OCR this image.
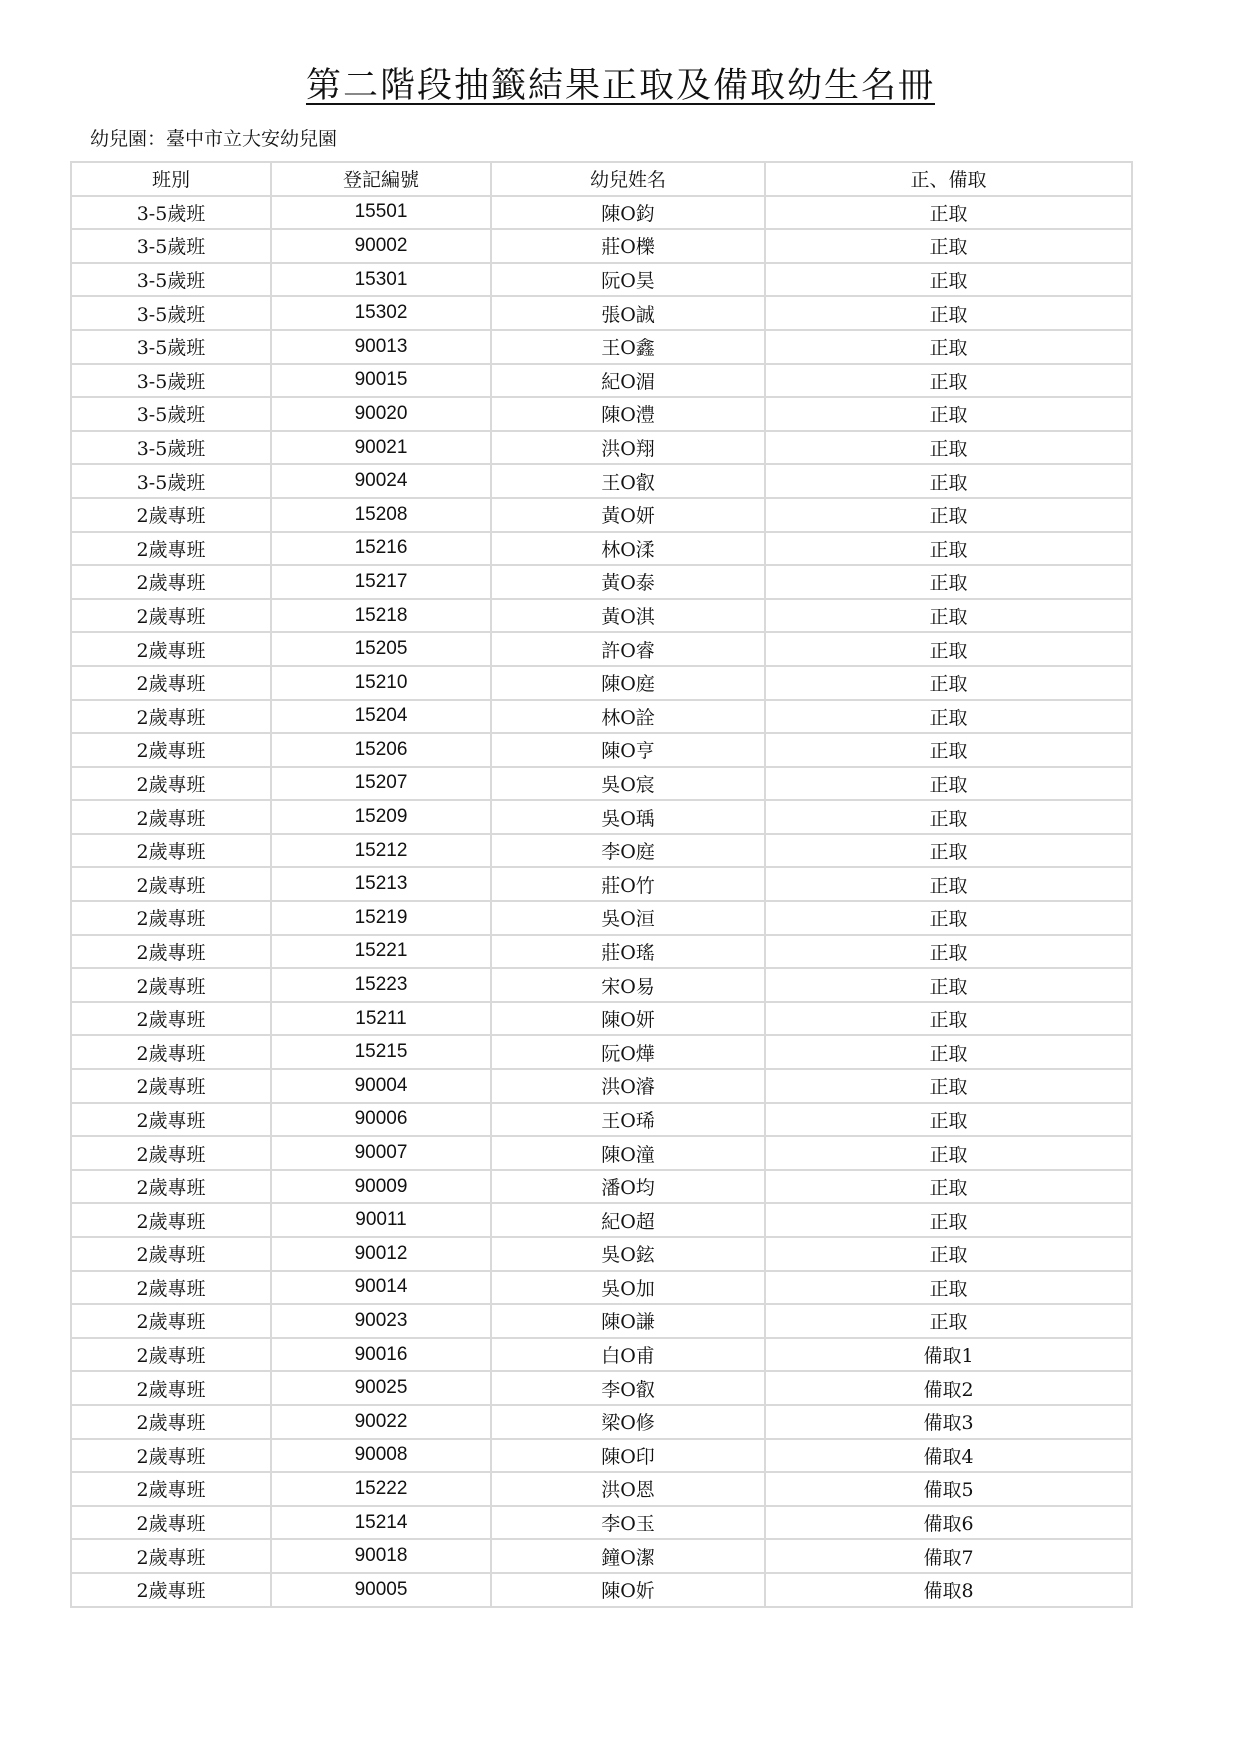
第二階段抽籤結果正取及備取幼生名冊
幼兒園：臺中市立大安幼兒園
班別	登記編號	幼兒姓名	正、備取
3-5歲班	15501	陳O鈞	正取
3-5歲班	90002	莊O櫟	正取
3-5歲班	15301	阮O昊	正取
3-5歲班	15302	張O誠	正取
3-5歲班	90013	王O鑫	正取
3-5歲班	90015	紀O湄	正取
3-5歲班	90020	陳O澧	正取
3-5歲班	90021	洪O翔	正取
3-5歲班	90024	王O叡	正取
2歲專班	15208	黃O妍	正取
2歲專班	15216	林O渘	正取
2歲專班	15217	黃O泰	正取
2歲專班	15218	黃O淇	正取
2歲專班	15205	許O睿	正取
2歲專班	15210	陳O庭	正取
2歲專班	15204	林O詮	正取
2歲專班	15206	陳O亨	正取
2歲專班	15207	吳O宸	正取
2歲專班	15209	吳O瑀	正取
2歲專班	15212	李O庭	正取
2歲專班	15213	莊O竹	正取
2歲專班	15219	吳O洹	正取
2歲專班	15221	莊O瑤	正取
2歲專班	15223	宋O易	正取
2歲專班	15211	陳O妍	正取
2歲專班	15215	阮O燁	正取
2歲專班	90004	洪O濬	正取
2歲專班	90006	王O琋	正取
2歲專班	90007	陳O潼	正取
2歲專班	90009	潘O均	正取
2歲專班	90011	紀O超	正取
2歲專班	90012	吳O鉉	正取
2歲專班	90014	吳O加	正取
2歲專班	90023	陳O謙	正取
2歲專班	90016	白O甫	備取1
2歲專班	90025	李O叡	備取2
2歲專班	90022	梁O修	備取3
2歲專班	90008	陳O印	備取4
2歲專班	15222	洪O恩	備取5
2歲專班	15214	李O玉	備取6
2歲專班	90018	鐘O潔	備取7
2歲專班	90005	陳O妡	備取8
